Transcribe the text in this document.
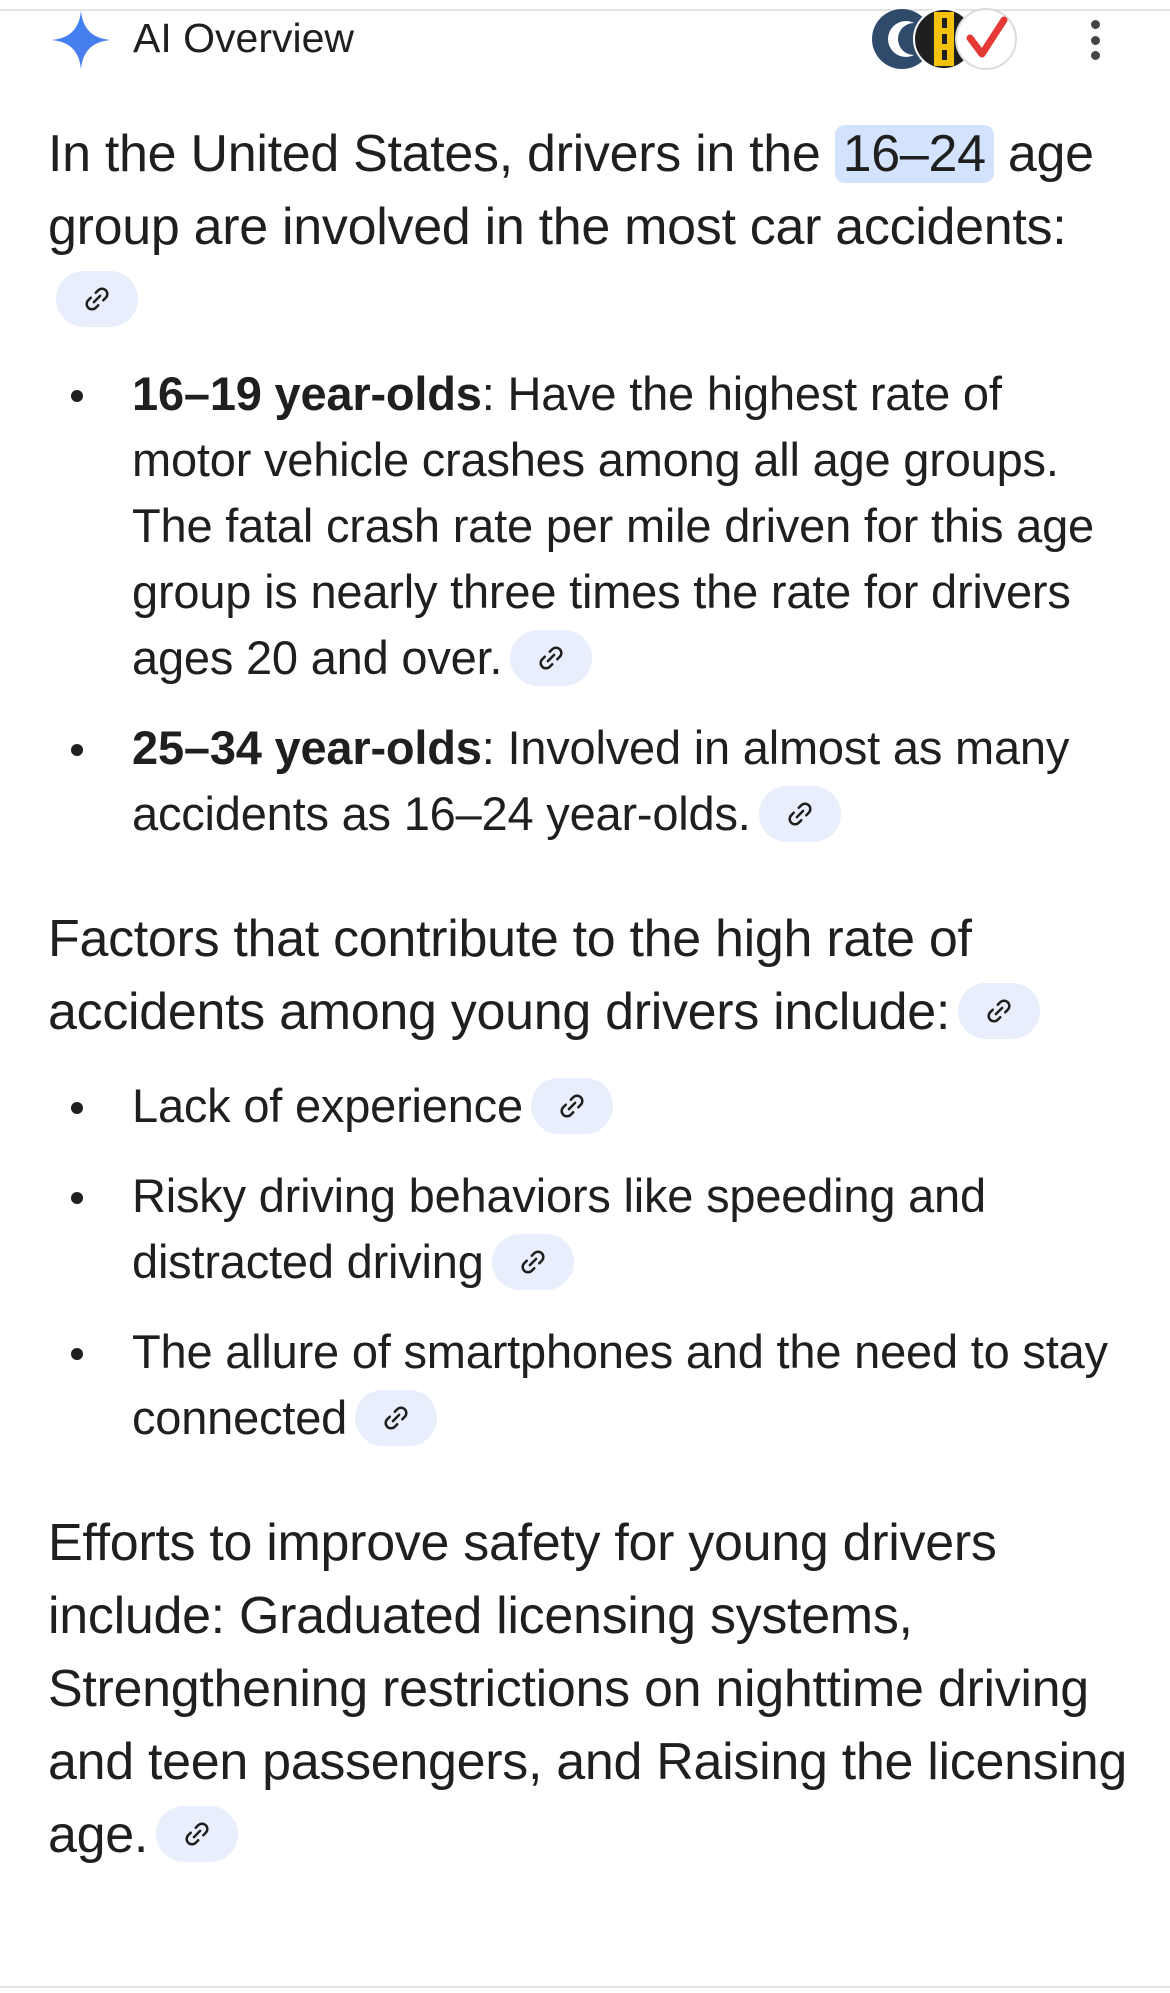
AI Overview

In the United States, drivers in the 16–24 age group are involved in the most car accidents:

16–19 year-olds: Have the highest rate of motor vehicle crashes among all age groups. The fatal crash rate per mile driven for this age group is nearly three times the rate for drivers ages 20 and over.
25–34 year-olds: Involved in almost as many accidents as 16–24 year-olds.

Factors that contribute to the high rate of accidents among young drivers include:

Lack of experience
Risky driving behaviors like speeding and distracted driving
The allure of smartphones and the need to stay connected

Efforts to improve safety for young drivers include: Graduated licensing systems, Strengthening restrictions on nighttime driving and teen passengers, and Raising the licensing age.
